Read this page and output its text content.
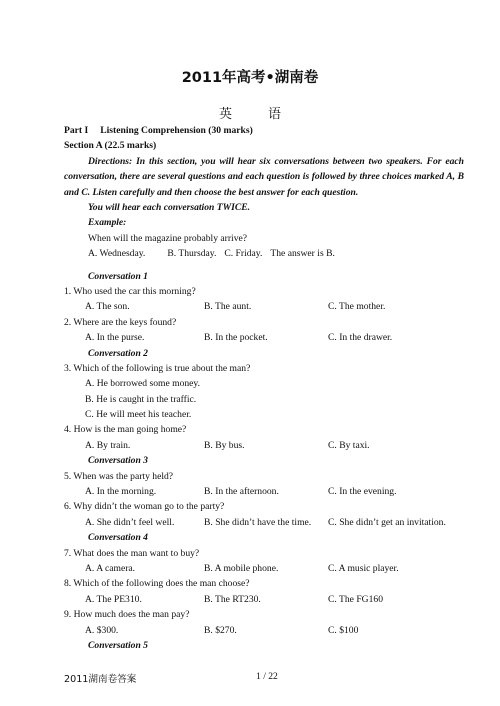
2011年高考•湖南卷
英	语
Part I     Listening Comprehension (30 marks)
Section A (22.5 marks)
Directions: In this section, you will hear six conversations between two speakers. For each conversation, there are several questions and each question is followed by three choices marked A, B and C. Listen carefully and then choose the best answer for each question.
You will hear each conversation TWICE.
Example:
When will the magazine probably arrive?
A. Wednesday. B. Thursday. C. Friday. The answer is B.
Conversation 1
1. Who used the car this morning?
A. The son.	B. The aunt.	C. The mother.
2. Where are the keys found?
A. In the purse.	B. In the pocket.	C. In the drawer.
Conversation 2
3. Which of the following is true about the man?
A. He borrowed some money.
B. He is caught in the traffic.
C. He will meet his teacher.
4. How is the man going home?
A. By train.	B. By bus.	C. By taxi.
Conversation 3
5. When was the party held?
A. In the morning.	B. In the afternoon.	C. In the evening.
6. Why didn’t the woman go to the party?
A. She didn’t feel well.	B. She didn’t have the time. C. She didn’t get an invitation.
Conversation 4
7. What does the man want to buy?
A. A camera.	B. A mobile phone.	C. A music player.
8. Which of the following does the man choose?
A. The PE310.	B. The RT230.	C. The FG160
9. How much does the man pay?
A. $300.	B. $270.	C. $100
Conversation 5
2011湖南卷答案	1 / 22
